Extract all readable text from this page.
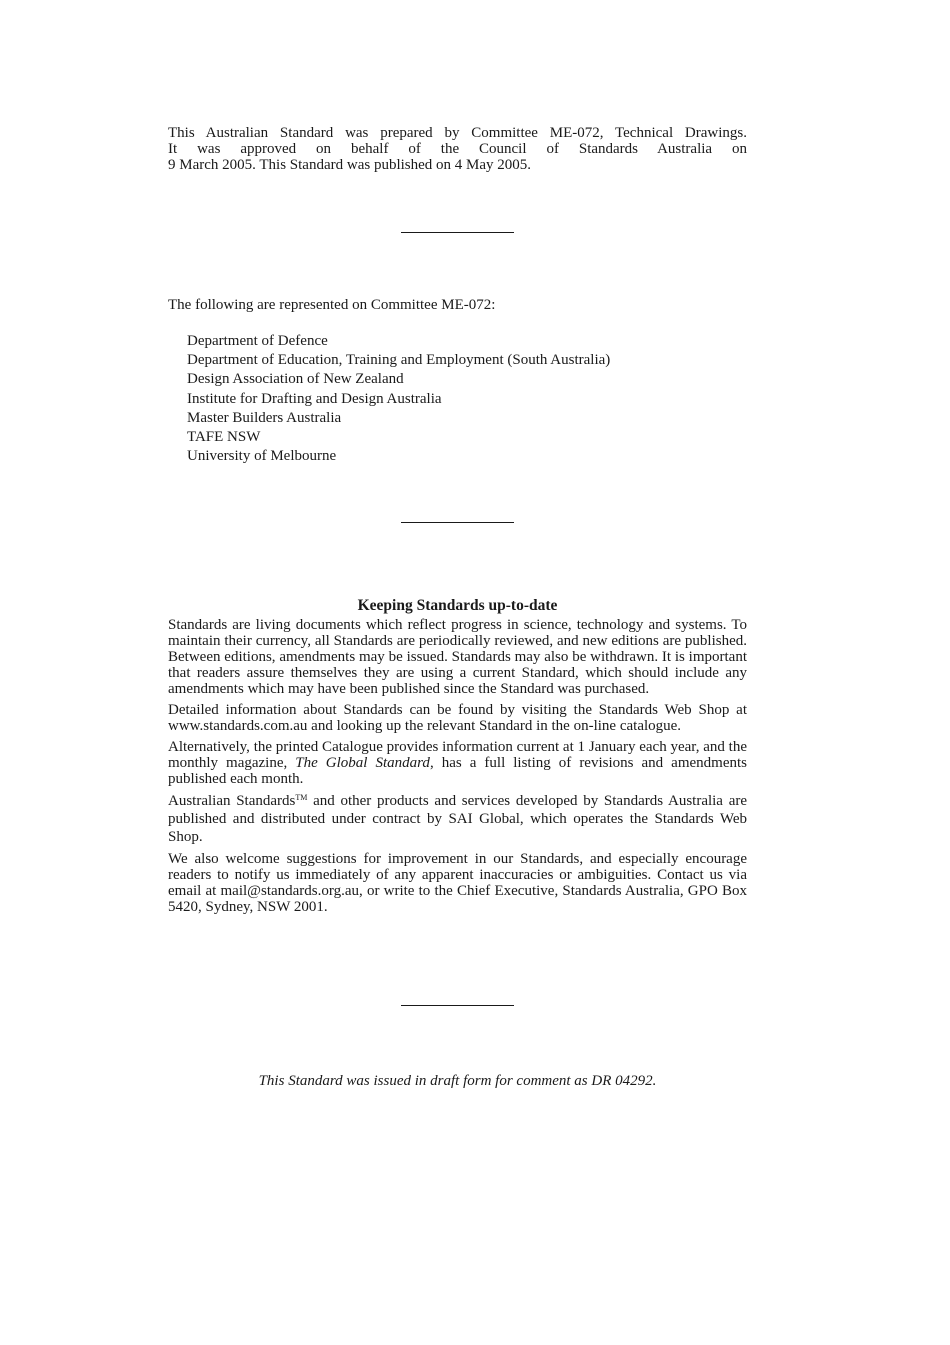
This Australian Standard was prepared by Committee ME-072, Technical Drawings.
It was approved on behalf of the Council of Standards Australia on
9 March 2005. This Standard was published on 4 May 2005.
The following are represented on Committee ME-072:
Department of Defence
Department of Education, Training and Employment (South Australia)
Design Association of New Zealand
Institute for Drafting and Design Australia
Master Builders Australia
TAFE NSW
University of Melbourne
Keeping Standards up-to-date

Standards are living documents which reflect progress in science, technology and systems. To maintain their currency, all Standards are periodically reviewed, and new editions are published. Between editions, amendments may be issued. Standards may also be withdrawn. It is important that readers assure themselves they are using a current Standard, which should include any amendments which may have been published since the Standard was purchased.

Detailed information about Standards can be found by visiting the Standards Web Shop at www.standards.com.au and looking up the relevant Standard in the on-line catalogue.

Alternatively, the printed Catalogue provides information current at 1 January each year, and the monthly magazine, The Global Standard, has a full listing of revisions and amendments published each month.

Australian Standards™ and other products and services developed by Standards Australia are published and distributed under contract by SAI Global, which operates the Standards Web Shop.

We also welcome suggestions for improvement in our Standards, and especially encourage readers to notify us immediately of any apparent inaccuracies or ambiguities. Contact us via email at mail@standards.org.au, or write to the Chief Executive, Standards Australia, GPO Box 5420, Sydney, NSW 2001.

This Standard was issued in draft form for comment as DR 04292.
